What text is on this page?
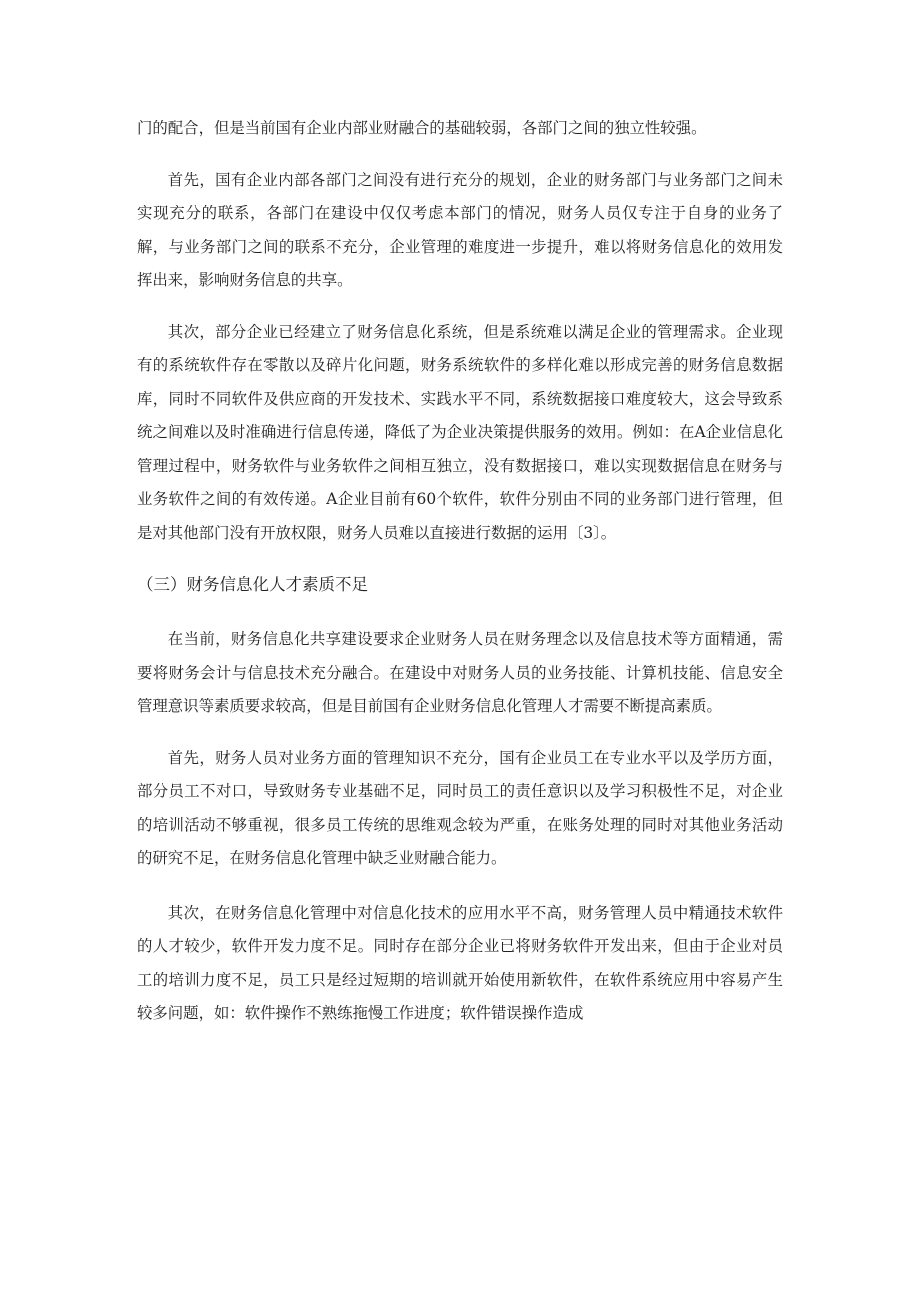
门的配合，但是当前国有企业内部业财融合的基础较弱，各部门之间的独立性较强。

首先，国有企业内部各部门之间没有进行充分的规划，企业的财务部门与业务部门之间未实现充分的联系，各部门在建设中仅仅考虑本部门的情况，财务人员仅专注于自身的业务了解，与业务部门之间的联系不充分，企业管理的难度进一步提升，难以将财务信息化的效用发挥出来，影响财务信息的共享。

其次，部分企业已经建立了财务信息化系统，但是系统难以满足企业的管理需求。企业现有的系统软件存在零散以及碎片化问题，财务系统软件的多样化难以形成完善的财务信息数据库，同时不同软件及供应商的开发技术、实践水平不同，系统数据接口难度较大，这会导致系统之间难以及时准确进行信息传递，降低了为企业决策提供服务的效用。例如：在A企业信息化管理过程中，财务软件与业务软件之间相互独立，没有数据接口，难以实现数据信息在财务与业务软件之间的有效传递。A企业目前有60个软件，软件分别由不同的业务部门进行管理，但是对其他部门没有开放权限，财务人员难以直接进行数据的运用〔3〕。

（三）财务信息化人才素质不足

在当前，财务信息化共享建设要求企业财务人员在财务理念以及信息技术等方面精通，需要将财务会计与信息技术充分融合。在建设中对财务人员的业务技能、计算机技能、信息安全管理意识等素质要求较高，但是目前国有企业财务信息化管理人才需要不断提高素质。

首先，财务人员对业务方面的管理知识不充分，国有企业员工在专业水平以及学历方面，部分员工不对口，导致财务专业基础不足，同时员工的责任意识以及学习积极性不足，对企业的培训活动不够重视，很多员工传统的思维观念较为严重，在账务处理的同时对其他业务活动的研究不足，在财务信息化管理中缺乏业财融合能力。

其次，在财务信息化管理中对信息化技术的应用水平不高，财务管理人员中精通技术软件的人才较少，软件开发力度不足。同时存在部分企业已将财务软件开发出来，但由于企业对员工的培训力度不足，员工只是经过短期的培训就开始使用新软件，在软件系统应用中容易产生较多问题，如：软件操作不熟练拖慢工作进度；软件错误操作造成
